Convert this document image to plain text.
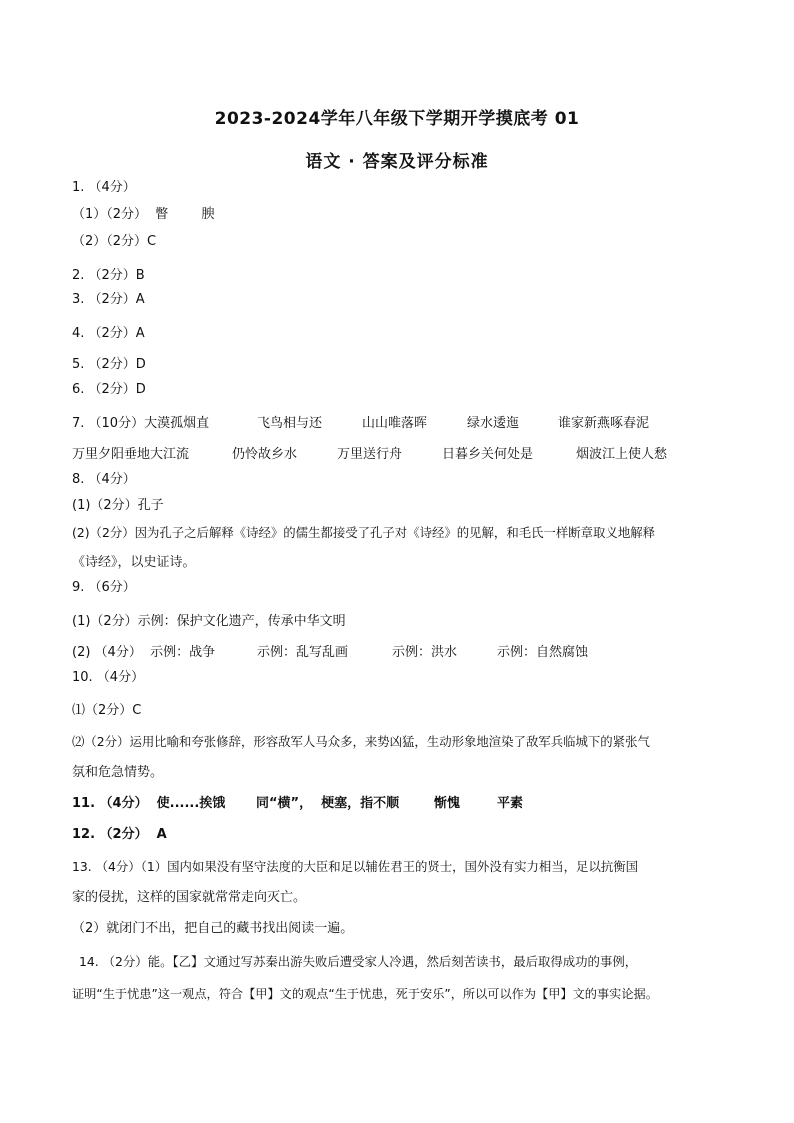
2023-2024学年八年级下学期开学摸底考 01
语文 · 答案及评分标准
1. （4分）
（1）（2分）  瞥        腴
（2）（2分）C
2. （2分）B
3. （2分）A
4. （2分）A
5. （2分）D
6. （2分）D
7. （10分）大漠孤烟直	飞鸟相与还	山山唯落晖	绿水逶迤	谁家新燕啄春泥
万里夕阳垂地大江流	仍怜故乡水	万里送行舟	日暮乡关何处是	烟波江上使人愁
8. （4分）
(1)（2分）孔子
(2)（2分）因为孔子之后解释《诗经》的儒生都接受了孔子对《诗经》的见解，和毛氏一样断章取义地解释
《诗经》，以史证诗。
9. （6分）
(1)（2分）示例：保护文化遗产，传承中华文明
(2) （4分）  示例：战争	示例：乱写乱画	示例：洪水	示例：自然腐蚀
10. （4分）
⑴（2分）C
⑵（2分）运用比喻和夸张修辞，形容敌军人马众多，来势凶猛，生动形象地渲染了敌军兵临城下的紧张气
氛和危急情势。
11. （4分）  使......挨饿 同“横”，  梗塞，指不顺	惭愧	平素
12. （2分）  A
13. （4分）（1）国内如果没有坚守法度的大臣和足以辅佐君王的贤士，国外没有实力相当，足以抗衡国
家的侵扰，这样的国家就常常走向灭亡。
（2）就闭门不出，把自己的藏书找出阅读一遍。
14. （2分）能。【乙】文通过写苏秦出游失败后遭受家人冷遇，然后刻苦读书，最后取得成功的事例，
证明“生于忧患”这一观点，符合【甲】文的观点“生于忧患，死于安乐”，所以可以作为【甲】文的事实论据。
